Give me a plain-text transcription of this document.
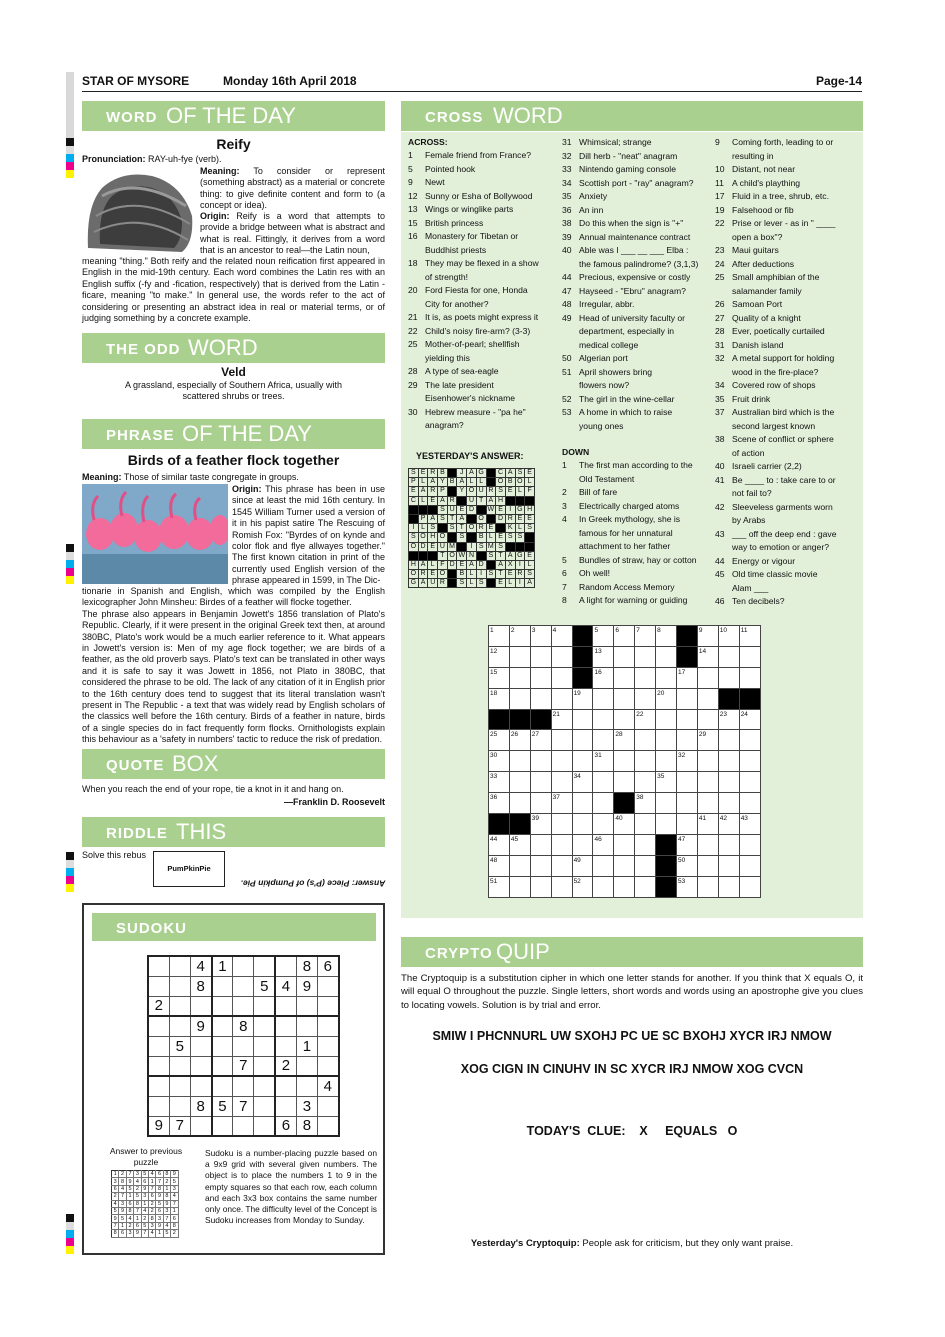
STAR OF MYSORE	Monday 16th April 2018	Page-14
WORD OF THE DAY
Reify
Pronunciation: RAY-uh-fye (verb).
Meaning: To consider or represent (something abstract) as a material or concrete thing: to give definite content and form to (a concept or idea).
Origin: Reify is a word that attempts to provide a bridge between what is abstract and what is real. Fittingly, it derives from a word that is an ancestor to real—the Latin noun,
meaning "thing." Both reify and the related noun reification first appeared in English in the mid-19th century. Each word combines the Latin res with an English suffix (-fy and -fication, respectively) that is derived from the Latin -ficare, meaning "to make." In general use, the words refer to the act of considering or presenting an abstract idea in real or material terms, or of judging something by a concrete example.
THE ODD WORD
Veld
A grassland, especially of Southern Africa, usually with scattered shrubs or trees.
PHRASE OF THE DAY
Birds of a feather flock together
Meaning: Those of similar taste congregate in groups.
Origin: This phrase has been in use since at least the mid 16th century. In 1545 William Turner used a version of it in his papist satire The Rescuing of Romish Fox: "Byrdes of on kynde and color flok and flye allwayes together." The first known citation in print of the currently used English version of the phrase appeared in 1599, in The Dic-
tionarie in Spanish and English, which was compiled by the English lexicographer John Minsheu: Birdes of a feather will flocke together.
The phrase also appears in Benjamin Jowett's 1856 translation of Plato's Republic. Clearly, if it were present in the original Greek text then, at around 380BC, Plato's work would be a much earlier reference to it. What appears in Jowett's version is: Men of my age flock together; we are birds of a feather, as the old proverb says. Plato's text can be translated in other ways and it is safe to say it was Jowett in 1856, not Plato in 380BC, that considered the phrase to be old. The lack of any citation of it in English prior to the 16th century does tend to suggest that its literal translation wasn't present in The Republic - a text that was widely read by English scholars of the classics well before the 16th century. Birds of a feather in nature, birds of a single species do in fact frequently form flocks. Ornithologists explain this behaviour as a 'safety in numbers' tactic to reduce the risk of predation.
QUOTE BOX
When you reach the end of your rope, tie a knot in it and hang on.
—Franklin D. Roosevelt
RIDDLE THIS
Solve this rebus
PumPkinPie
Answer: Piece (P's) of Pumpkin Pie.
SUDOKU
		4	1				8	6
		8			5	4	9	
2								
		9		8				
	5						1	
				7		2		
								4
		8	5	7			3	
9	7					6	8	
Answer to previous puzzle
1	2	7	3	5	4	6	8	9
3	8	9	4	6	1	7	2	5
6	4	5	2	9	7	8	1	3
2	7	1	5	3	6	9	8	4
4	3	6	8	1	2	5	9	7
5	9	8	7	4	2	6	3	1
9	5	4	1	2	8	3	7	6
7	1	2	6	5	3	9	4	8
8	6	3	9	7	4	1	5	2
Sudoku is a number-placing puzzle based on a 9x9 grid with several given numbers. The object is to place the numbers 1 to 9 in the empty squares so that each row, each column and each 3x3 box contains the same number only once. The difficulty level of the Concept is Sudoku increases from Monday to Sunday.
CROSS WORD
ACROSS:
1 Female friend from France?
5 Pointed hook
9 Newt
12 Sunny or Esha of Bollywood
13 Wings or winglike parts
15 British princess
16 Monastery for Tibetan or
Buddhist priests
18 They may be flexed in a show
of strength!
20 Ford Fiesta for one, Honda
City for another?
21 It is, as poets might express it
22 Child's noisy fire-arm? (3-3)
25 Mother-of-pearl; shellfish
yielding this
28 A type of sea-eagle
29 The late president
Eisenhower's nickname
30 Hebrew measure - "pa he"
anagram?
YESTERDAY'S ANSWER:
S	E	R	B		J	A	G		C	A	S	E
P	L	A	Y	B	A	L	L		O	B	O	L
E	A	R	P		Y	O	U	R	S	E	L	F
C	L	E	A	R		U	T	A	H			
			S	U	E	D		W	E	I	G	H
	P	A	S	T	A		O		D	R	E	E
I	L	S		S	T	O	R	E		K	L	S
S	O	H	O		S		B	L	E	S	S	
O	D	E	U	M		I	S	M	S			
			T	O	W	N		S	T	A	G	E
H	A	L	F	D	E	A	D		A	X	I	L
O	R	E	O		B	L	I	S	T	E	R	S
G	A	U	R		S	L	S		E	L	I	A
31 Whimsical; strange
32 Dill herb - "neat" anagram
33 Nintendo gaming console
34 Scottish port - "ray" anagram?
35 Anxiety
36 An inn
38 Do this when the sign is "+"
39 Annual maintenance contract
40 Able was I ___ __ ___ Elba :
the famous palindrome? (3,1,3)
44 Precious, expensive or costly
47 Hayseed - "Ebru" anagram?
48 Irregular, abbr.
49 Head of university faculty or
department, especially in
medical college
50 Algerian port
51 April showers bring
flowers now?
52 The girl in the wine-cellar
53 A home in which to raise
young ones
DOWN
1 The first man according to the
Old Testament
2 Bill of fare
3 Electrically charged atoms
4 In Greek mythology, she is
famous for her unnatural
attachment to her father
5 Bundles of straw, hay or cotton
6 Oh well!
7 Random Access Memory
8 A light for warning or guiding
9 Coming forth, leading to or
resulting in
10 Distant, not near
11 A child's plaything
17 Fluid in a tree, shrub, etc.
19 Falsehood or fib
22 Prise or lever - as in " ____
open a box"?
23 Maui guitars
24 After deductions
25 Small amphibian of the
salamander family
26 Samoan Port
27 Quality of a knight
28 Ever, poetically curtailed
31 Danish island
32 A metal support for holding
wood in the fire-place?
34 Covered row of shops
35 Fruit drink
37 Australian bird which is the
second largest known
38 Scene of conflict or sphere
of action
40 Israeli carrier (2,2)
41 Be ____ to : take care to or
not fail to?
42 Sleeveless garments worn
by Arabs
43 ___ off the deep end : gave
way to emotion or anger?
44 Energy or vigour
45 Old time classic movie
Alam ___
46 Ten decibels?
1	2	3	4		5	6	7	8		9	10	11
12					13					14		
15					16				17			
18				19				20				
			21				22				23	24
25	26	27				28				29		
30					31				32			
33				34				35				
36			37				38					
		39				40				41	42	43
44	45				46				47			
48				49					50			
51				52					53			
CRYPTO QUIP
The Cryptoquip is a substitution cipher in which one letter stands for another. If you think that X equals O, it will equal O throughout the puzzle. Single letters, short words and words using an apostrophe give you clues to locating vowels. Solution is by trial and error.
SMIW I PHCNNURL UW SXOHJ PC UE SC BXOHJ XYCR IRJ NMOW
XOG CIGN IN CINUHV IN SC XYCR IRJ NMOW XOG CVCN
TODAY'S  CLUE:    X     EQUALS   O
Yesterday's Cryptoquip: People ask for criticism, but they only want praise.
